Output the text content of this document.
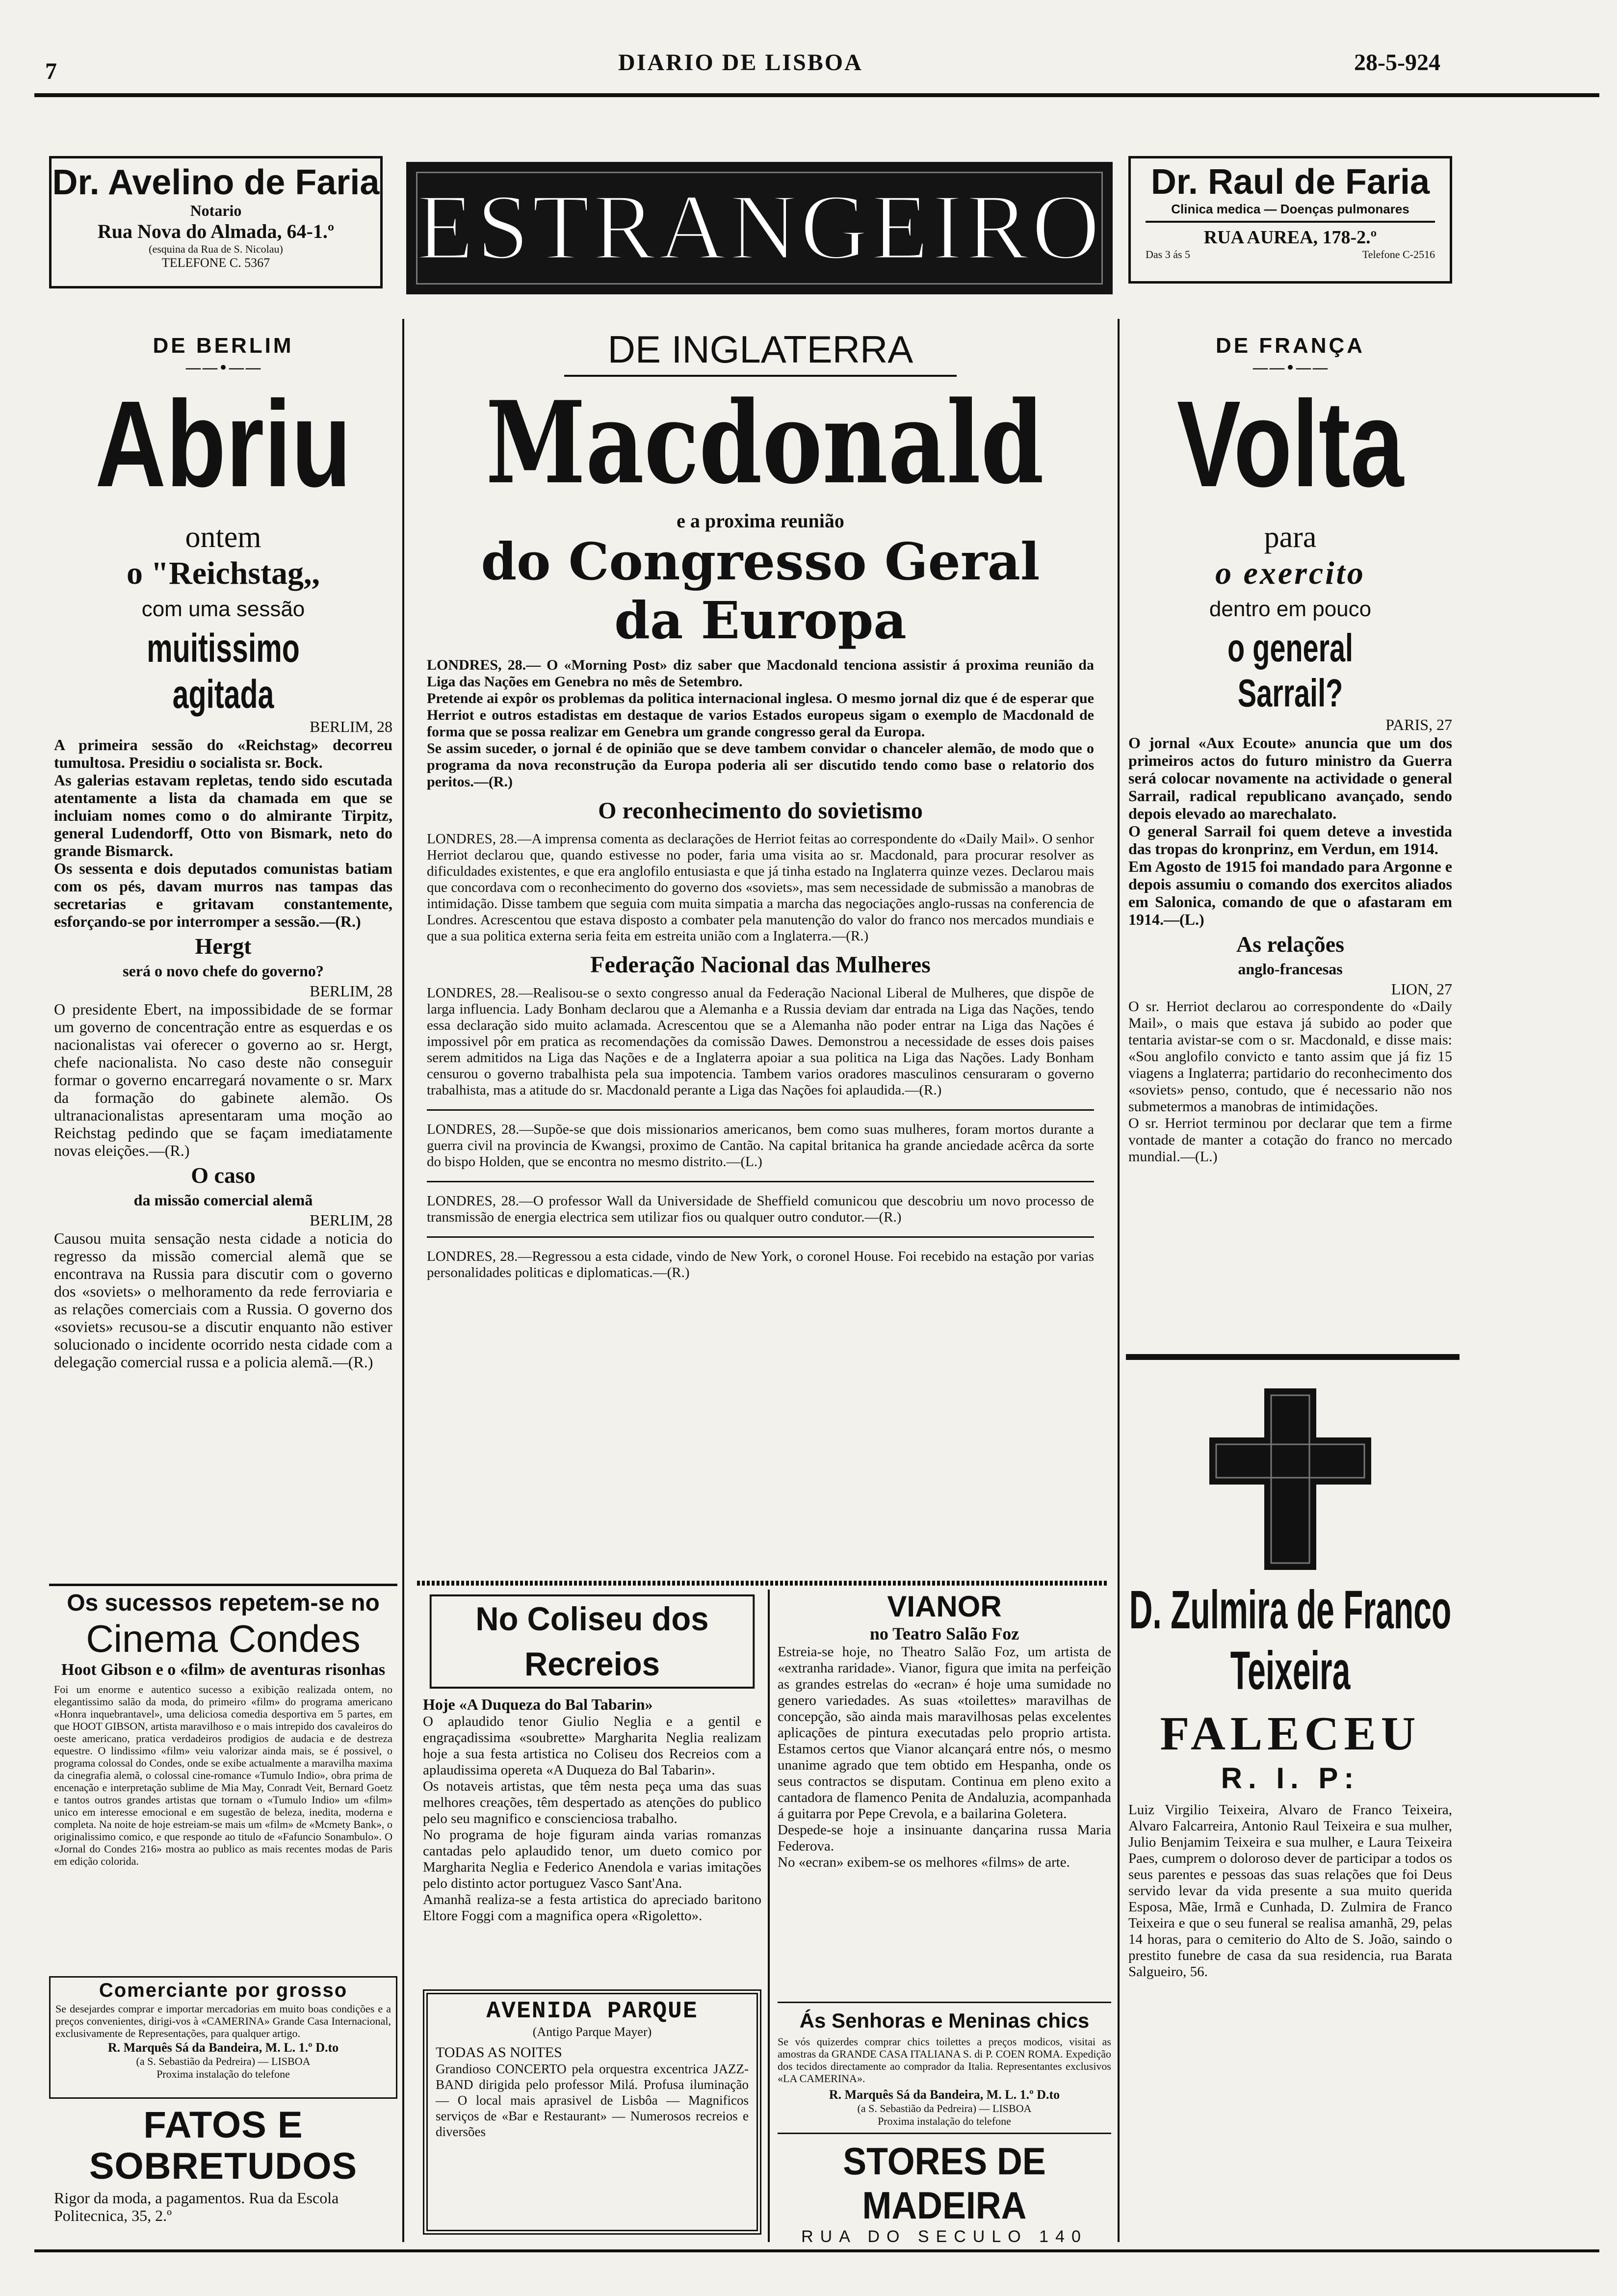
7	DIARIO DE LISBOA	28-5-924
Dr. Avelino de Faria
Notario
Rua Nova do Almada, 64-1.º
(esquina da Rua de S. Nicolau)
TELEFONE C. 5367	ESTRANGEIRO	Dr. Raul de Faria
Clinica medica — Doenças pulmonares
RUA AUREA, 178-2.º
Das 3 ás 5	Telefone C-2516
DE BERLIM
——•——
Abriu
ontem
o "Reichstag,,
com uma sessão
muitissimo agitada

BERLIM, 28

A primeira sessão do «Reichstag» decorreu tumultosa. Presidiu o socialista sr. Bock.

As galerias estavam repletas, tendo sido escutada atentamente a lista da chamada em que se incluiam nomes como o do almirante Tirpitz, general Ludendorff, Otto von Bismark, neto do grande Bismarck.

Os sessenta e dois deputados comunistas batiam com os pés, davam murros nas tampas das secretarias e gritavam constantemente, esforçando-se por interromper a sessão.—(R.)

Hergt
será o novo chefe do governo?

BERLIM, 28

O presidente Ebert, na impossibidade de se formar um governo de concentração entre as esquerdas e os nacionalistas vai oferecer o governo ao sr. Hergt, chefe nacionalista. No caso deste não conseguir formar o governo encarregará novamente o sr. Marx da formação do gabinete alemão. Os ultranacionalistas apresentaram uma moção ao Reichstag pedindo que se façam imediatamente novas eleições.—(R.)

O caso
da missão comercial alemã

BERLIM, 28

Causou muita sensação nesta cidade a noticia do regresso da missão comercial alemã que se encontrava na Russia para discutir com o governo dos «soviets» o melhoramento da rede ferroviaria e as relações comerciais com a Russia. O governo dos «soviets» recusou-se a discutir enquanto não estiver solucionado o incidente ocorrido nesta cidade com a delegação comercial russa e a policia alemã.—(R.)

Os sucessos repetem-se no
Cinema Condes
Hoot Gibson e o «film» de aventuras risonhas

Foi um enorme e autentico sucesso a exibição realizada ontem, no elegantissimo salão da moda, do primeiro «film» do programa americano «Honra inquebrantavel», uma deliciosa comedia desportiva em 5 partes, em que HOOT GIBSON, artista maravilhoso e o mais intrepido dos cavaleiros do oeste americano, pratica verdadeiros prodigios de audacia e de destreza equestre. O lindissimo «film» veiu valorizar ainda mais, se é possivel, o programa colossal do Condes, onde se exibe actualmente a maravilha maxima da cinegrafia alemã, o colossal cine-romance «Tumulo Indio», obra prima de encenação e interpretação sublime de Mia May, Conradt Veit, Bernard Goetz e tantos outros grandes artistas que tornam o «Tumulo Indio» um «film» unico em interesse emocional e em sugestão de beleza, inedita, moderna e completa. Na noite de hoje estreiam-se mais um «film» de «Mcmety Bank», o originalissimo comico, e que responde ao titulo de «Fafuncio Sonambulo». O «Jornal do Condes 216» mostra ao publico as mais recentes modas de Paris em edição colorida.

Comerciante por grosso

Se desejardes comprar e importar mercadorias em muito boas condições e a preços convenientes, dirigi-vos à «CAMERINA» Grande Casa Internacional, exclusivamente de Representações, para qualquer artigo.

R. Marquês Sá da Bandeira, M. L. 1.º D.to
(a S. Sebastião da Pedreira) — LISBOA
Proxima instalação do telefone
FATOS E SOBRETUDOS

Rigor da moda, a pagamentos. Rua da Escola Politecnica, 35, 2.º

DE INGLATERRA
Macdonald
e a proxima reunião
do Congresso Geral
da Europa

LONDRES, 28.— O «Morning Post» diz saber que Macdonald tenciona assistir á proxima reunião da Liga das Nações em Genebra no mês de Setembro.

Pretende ai expôr os problemas da politica internacional inglesa. O mesmo jornal diz que é de esperar que Herriot e outros estadistas em destaque de varios Estados europeus sigam o exemplo de Macdonald de forma que se possa realizar em Genebra um grande congresso geral da Europa.

Se assim suceder, o jornal é de opinião que se deve tambem convidar o chanceler alemão, de modo que o programa da nova reconstrução da Europa poderia ali ser discutido tendo como base o relatorio dos peritos.—(R.)

O reconhecimento do sovietismo

LONDRES, 28.—A imprensa comenta as declarações de Herriot feitas ao correspondente do «Daily Mail». O senhor Herriot declarou que, quando estivesse no poder, faria uma visita ao sr. Macdonald, para procurar resolver as dificuldades existentes, e que era anglofilo entusiasta e que já tinha estado na Inglaterra quinze vezes. Declarou mais que concordava com o reconhecimento do governo dos «soviets», mas sem necessidade de submissão a manobras de intimidação. Disse tambem que seguia com muita simpatia a marcha das negociações anglo-russas na conferencia de Londres. Acrescentou que estava disposto a combater pela manutenção do valor do franco nos mercados mundiais e que a sua politica externa seria feita em estreita união com a Inglaterra.—(R.)

Federação Nacional das Mulheres

LONDRES, 28.—Realisou-se o sexto congresso anual da Federação Nacional Liberal de Mulheres, que dispõe de larga influencia. Lady Bonham declarou que a Alemanha e a Russia deviam dar entrada na Liga das Nações, tendo essa declaração sido muito aclamada. Acrescentou que se a Alemanha não poder entrar na Liga das Nações é impossivel pôr em pratica as recomendações da comissão Dawes. Demonstrou a necessidade de esses dois paises serem admitidos na Liga das Nações e de a Inglaterra apoiar a sua politica na Liga das Nações. Lady Bonham censurou o governo trabalhista pela sua impotencia. Tambem varios oradores masculinos censuraram o governo trabalhista, mas a atitude do sr. Macdonald perante a Liga das Nações foi aplaudida.—(R.)

LONDRES, 28.—Supõe-se que dois missionarios americanos, bem como suas mulheres, foram mortos durante a guerra civil na provincia de Kwangsi, proximo de Cantão. Na capital britanica ha grande anciedade acêrca da sorte do bispo Holden, que se encontra no mesmo distrito.—(L.)

LONDRES, 28.—O professor Wall da Universidade de Sheffield comunicou que descobriu um novo processo de transmissão de energia electrica sem utilizar fios ou qualquer outro condutor.—(R.)

LONDRES, 28.—Regressou a esta cidade, vindo de New York, o coronel House. Foi recebido na estação por varias personalidades politicas e diplomaticas.—(R.)

No Coliseu dos Recreios
Hoje «A Duqueza do Bal Tabarin»

O aplaudido tenor Giulio Neglia e a gentil e engraçadissima «soubrette» Margharita Neglia realizam hoje a sua festa artistica no Coliseu dos Recreios com a aplaudissima opereta «A Duqueza do Bal Tabarin».

Os notaveis artistas, que têm nesta peça uma das suas melhores creações, têm despertado as atenções do publico pelo seu magnifico e conscienciosa trabalho.

No programa de hoje figuram ainda varias romanzas cantadas pelo aplaudido tenor, um dueto comico por Margharita Neglia e Federico Anendola e varias imitações pelo distinto actor portuguez Vasco Sant'Ana.

Amanhã realiza-se a festa artistica do apreciado baritono Eltore Foggi com a magnifica opera «Rigoletto».

VIANOR
no Teatro Salão Foz

Estreia-se hoje, no Theatro Salão Foz, um artista de «extranha raridade». Vianor, figura que imita na perfeição as grandes estrelas do «ecran» é hoje uma sumidade no genero variedades. As suas «toilettes» maravilhas de concepção, são ainda mais maravilhosas pelas excelentes aplicações de pintura executadas pelo proprio artista. Estamos certos que Vianor alcançará entre nós, o mesmo unanime agrado que tem obtido em Hespanha, onde os seus contractos se disputam. Continua em pleno exito a cantadora de flamenco Penita de Andaluzia, acompanhada á guitarra por Pepe Crevola, e a bailarina Goletera.

Despede-se hoje a insinuante dançarina russa Maria Federova.

No «ecran» exibem-se os melhores «films» de arte.

AVENIDA PARQUE
(Antigo Parque Mayer)
TODAS AS NOITES

Grandioso CONCERTO pela orquestra excentrica JAZZ-BAND dirigida pelo professor Milá. Profusa iluminação — O local mais aprasivel de Lisbôa — Magnificos serviços de «Bar e Restaurant» — Numerosos recreios e diversões

Ás Senhoras e Meninas chics

Se vós quizerdes comprar chics toilettes a preços modicos, visitai as amostras da GRANDE CASA ITALIANA S. di P. COEN ROMA. Expedição dos tecidos directamente ao comprador da Italia. Representantes exclusivos «LA CAMERINA».

R. Marquês Sá da Bandeira, M. L. 1.º D.to
(a S. Sebastião da Pedreira) — LISBOA
Proxima instalação do telefone
STORES DE MADEIRA
RUA DO SECULO 140
DE FRANÇA
——•——
Volta
para
o exercito
dentro em pouco
o general Sarrail?

PARIS, 27

O jornal «Aux Ecoute» anuncia que um dos primeiros actos do futuro ministro da Guerra será colocar novamente na actividade o general Sarrail, radical republicano avançado, sendo depois elevado ao marechalato.

O general Sarrail foi quem deteve a investida das tropas do kronprinz, em Verdun, em 1914.

Em Agosto de 1915 foi mandado para Argonne e depois assumiu o comando dos exercitos aliados em Salonica, comando de que o afastaram em 1914.—(L.)

As relações
anglo-francesas

LION, 27

O sr. Herriot declarou ao correspondente do «Daily Mail», o mais que estava já subido ao poder que tentaria avistar-se com o sr. Macdonald, e disse mais: «Sou anglofilo convicto e tanto assim que já fiz 15 viagens a Inglaterra; partidario do reconhecimento dos «soviets» penso, contudo, que é necessario não nos submetermos a manobras de intimidações.

O sr. Herriot terminou por declarar que tem a firme vontade de manter a cotação do franco no mercado mundial.—(L.)

D. Zulmira de Franco
Teixeira
FALECEU
R. I. P:

Luiz Virgilio Teixeira, Alvaro de Franco Teixeira, Alvaro Falcarreira, Antonio Raul Teixeira e sua mulher, Julio Benjamim Teixeira e sua mulher, e Laura Teixeira Paes, cumprem o doloroso dever de participar a todos os seus parentes e pessoas das suas relações que foi Deus servido levar da vida presente a sua muito querida Esposa, Mãe, Irmã e Cunhada, D. Zulmira de Franco Teixeira e que o seu funeral se realisa amanhã, 29, pelas 14 horas, para o cemiterio do Alto de S. João, saindo o prestito funebre de casa da sua residencia, rua Barata Salgueiro, 56.
